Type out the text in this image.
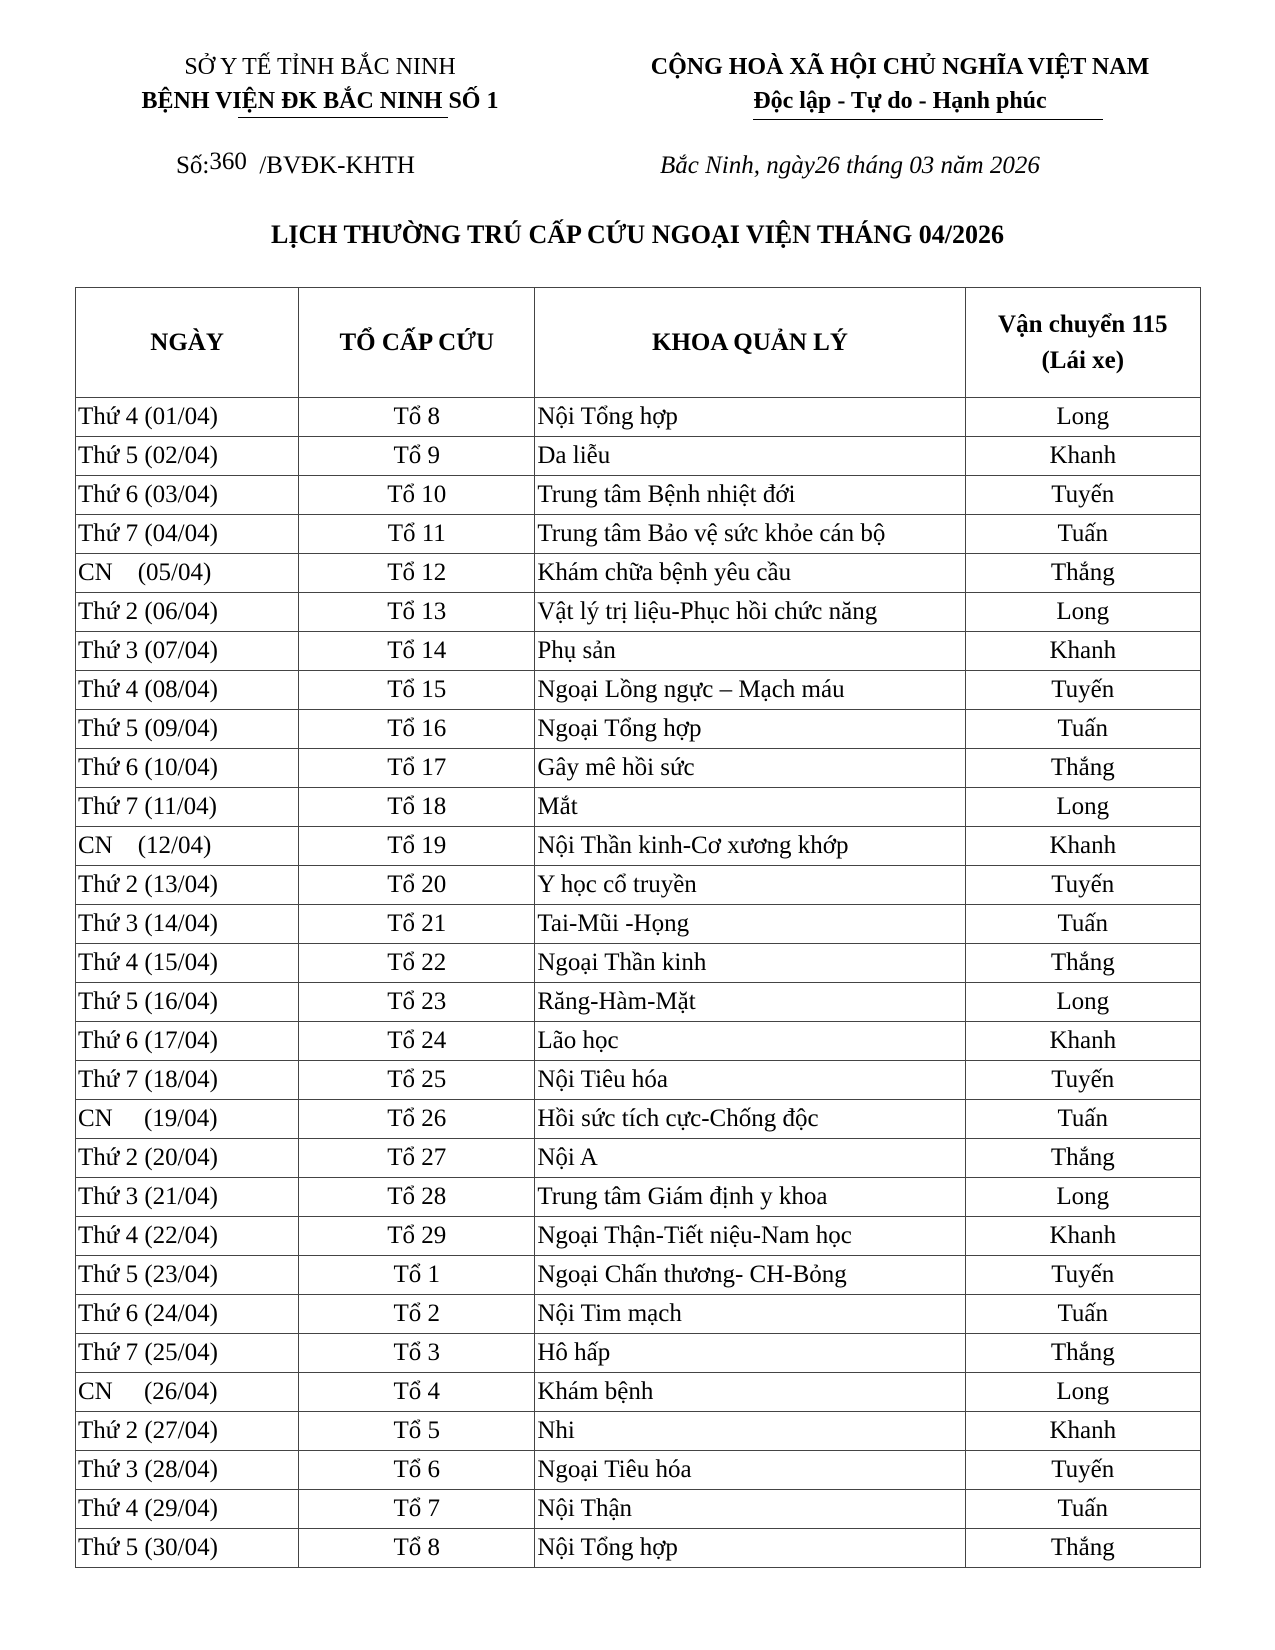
SỞ Y TẾ TỈNH BẮC NINH
BỆNH VIỆN ĐK BẮC NINH SỐ 1
CỘNG HOÀ XÃ HỘI CHỦ NGHĨA VIỆT NAM
Độc lập - Tự do - Hạnh phúc
Số:360 /BVĐK-KHTH	Bắc Ninh, ngày26 tháng 03 năm 2026
LỊCH THƯỜNG TRÚ CẤP CỨU NGOẠI VIỆN THÁNG 04/2026
NGÀY	TỔ CẤP CỨU	KHOA QUẢN LÝ	Vận chuyển 115
(Lái xe)

Thứ 4 (01/04)	Tổ 8	Nội Tổng hợp	Long
Thứ 5 (02/04)	Tổ 9	Da liễu	Khanh
Thứ 6 (03/04)	Tổ 10	Trung tâm Bệnh nhiệt đới	Tuyến
Thứ 7 (04/04)	Tổ 11	Trung tâm Bảo vệ sức khỏe cán bộ	Tuấn
CN    (05/04)	Tổ 12	Khám chữa bệnh yêu cầu	Thắng
Thứ 2 (06/04)	Tổ 13	Vật lý trị liệu-Phục hồi chức năng	Long
Thứ 3 (07/04)	Tổ 14	Phụ sản	Khanh
Thứ 4 (08/04)	Tổ 15	Ngoại Lồng ngực – Mạch máu	Tuyến
Thứ 5 (09/04)	Tổ 16	Ngoại Tổng hợp	Tuấn
Thứ 6 (10/04)	Tổ 17	Gây mê hồi sức	Thắng
Thứ 7 (11/04)	Tổ 18	Mắt	Long
CN    (12/04)	Tổ 19	Nội Thần kinh-Cơ xương khớp	Khanh
Thứ 2 (13/04)	Tổ 20	Y học cổ truyền	Tuyến
Thứ 3 (14/04)	Tổ 21	Tai-Mũi -Họng	Tuấn
Thứ 4 (15/04)	Tổ 22	Ngoại Thần kinh	Thắng
Thứ 5 (16/04)	Tổ 23	Răng-Hàm-Mặt	Long
Thứ 6 (17/04)	Tổ 24	Lão học	Khanh
Thứ 7 (18/04)	Tổ 25	Nội Tiêu hóa	Tuyến
CN     (19/04)	Tổ 26	Hồi sức tích cực-Chống độc	Tuấn
Thứ 2 (20/04)	Tổ 27	Nội A	Thắng
Thứ 3 (21/04)	Tổ 28	Trung tâm Giám định y khoa	Long
Thứ 4 (22/04)	Tổ 29	Ngoại Thận-Tiết niệu-Nam học	Khanh
Thứ 5 (23/04)	Tổ 1	Ngoại Chấn thương- CH-Bỏng	Tuyến
Thứ 6 (24/04)	Tổ 2	Nội Tim mạch	Tuấn
Thứ 7 (25/04)	Tổ 3	Hô hấp	Thắng
CN     (26/04)	Tổ 4	Khám bệnh	Long
Thứ 2 (27/04)	Tổ 5	Nhi	Khanh
Thứ 3 (28/04)	Tổ 6	Ngoại Tiêu hóa	Tuyến
Thứ 4 (29/04)	Tổ 7	Nội Thận	Tuấn
Thứ 5 (30/04)	Tổ 8	Nội Tổng hợp	Thắng
